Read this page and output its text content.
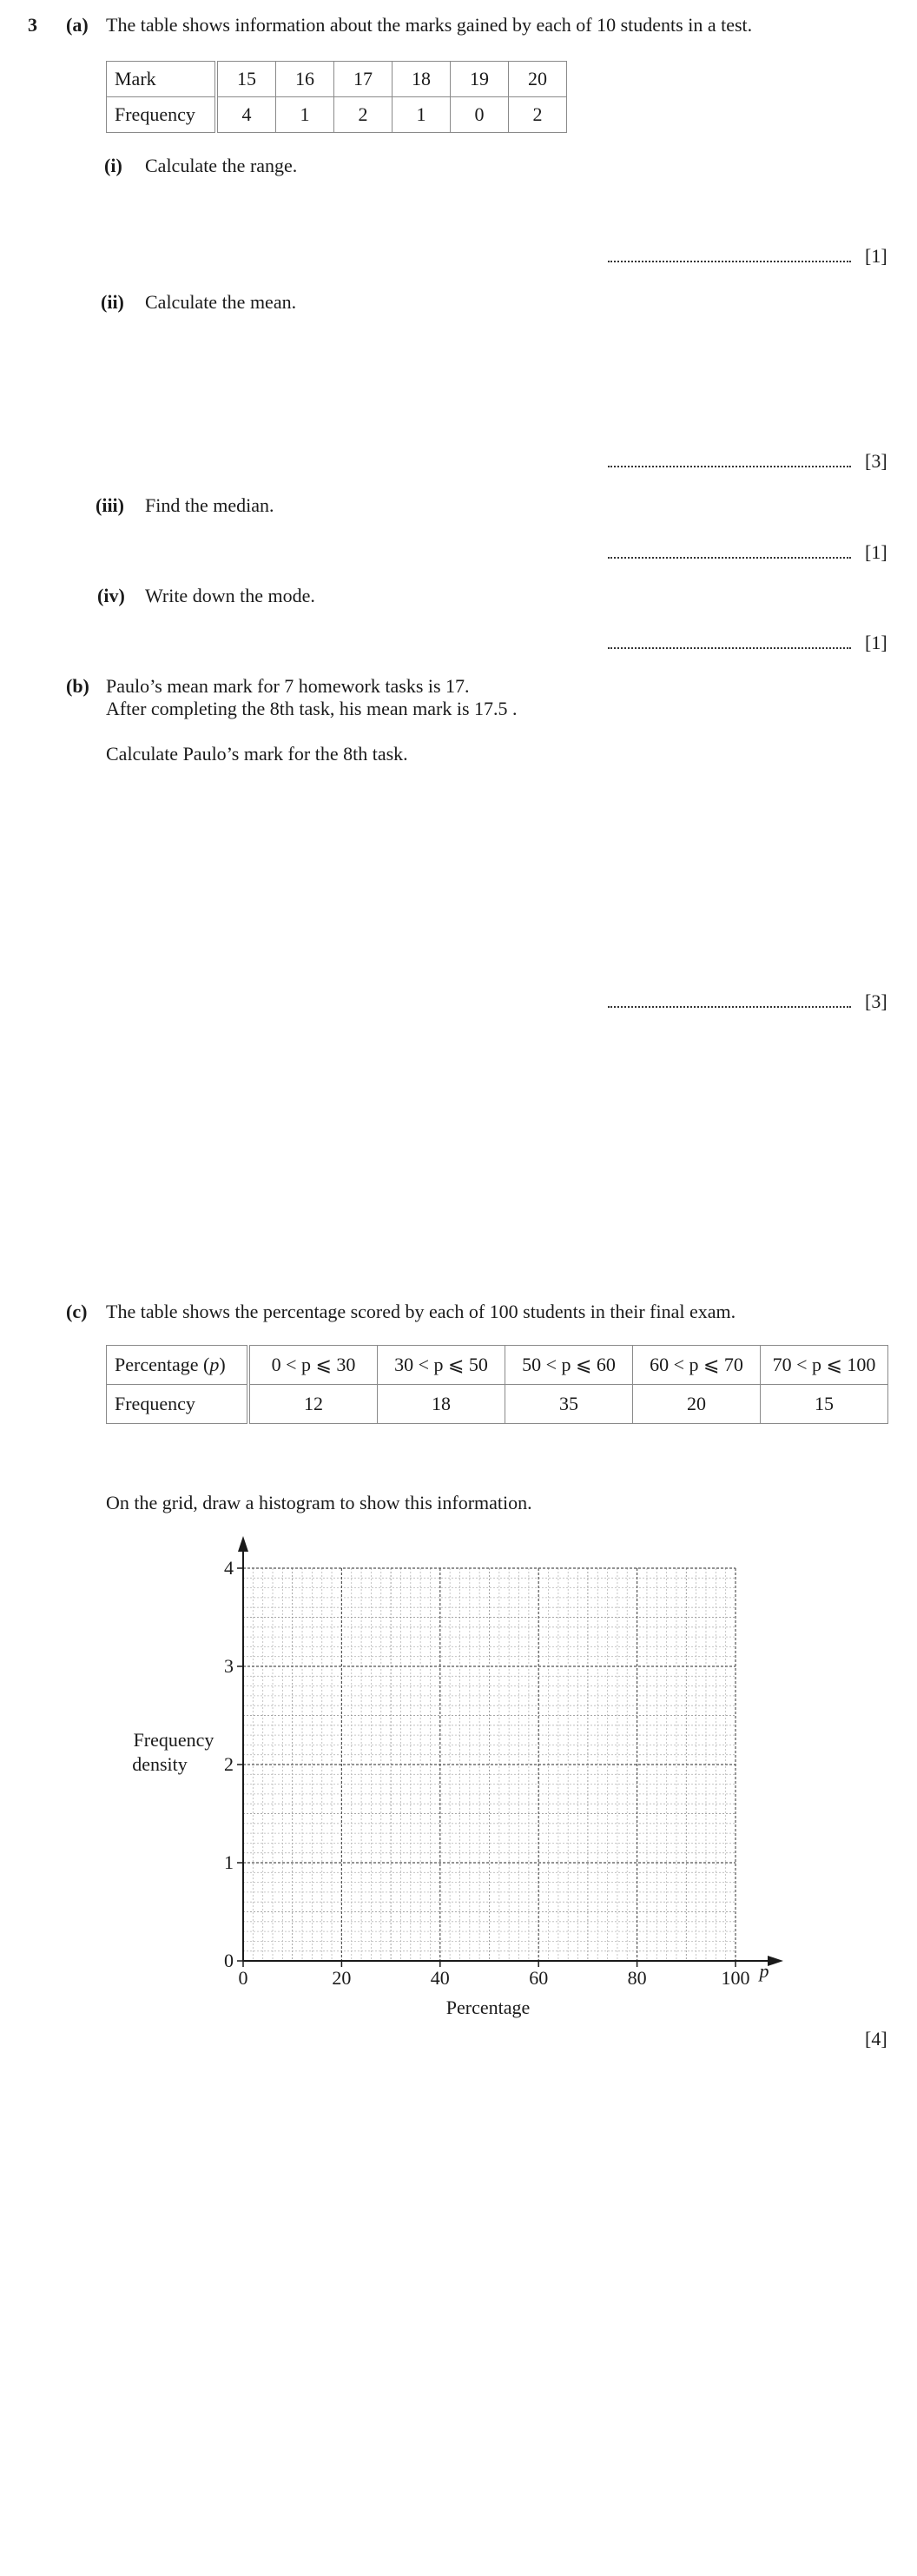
3 (a) The table shows information about the marks gained by each of 10 students in a test.
Mark	15	16	17	18	19	20
Frequency	4	1	2	1	0	2
(i) Calculate the range.
[1]
(ii) Calculate the mean.
[3]
(iii) Find the median.
[1]
(iv) Write down the mode.
[1]
(b) Paulo’s mean mark for 7 homework tasks is 17.
After completing the 8th task, his mean mark is 17.5 .
Calculate Paulo’s mark for the 8th task.
[3]
(c) The table shows the percentage scored by each of 100 students in their final exam.
Percentage (p)	0 < p ⩽ 30	30 < p ⩽ 50	50 < p ⩽ 60	60 < p ⩽ 70	70 < p ⩽ 100
Frequency	12	18	35	20	15
On the grid, draw a histogram to show this information.
0	20	40	60	80	100
0
1
2
3
4
Frequency
density
Percentage
p
[4]
